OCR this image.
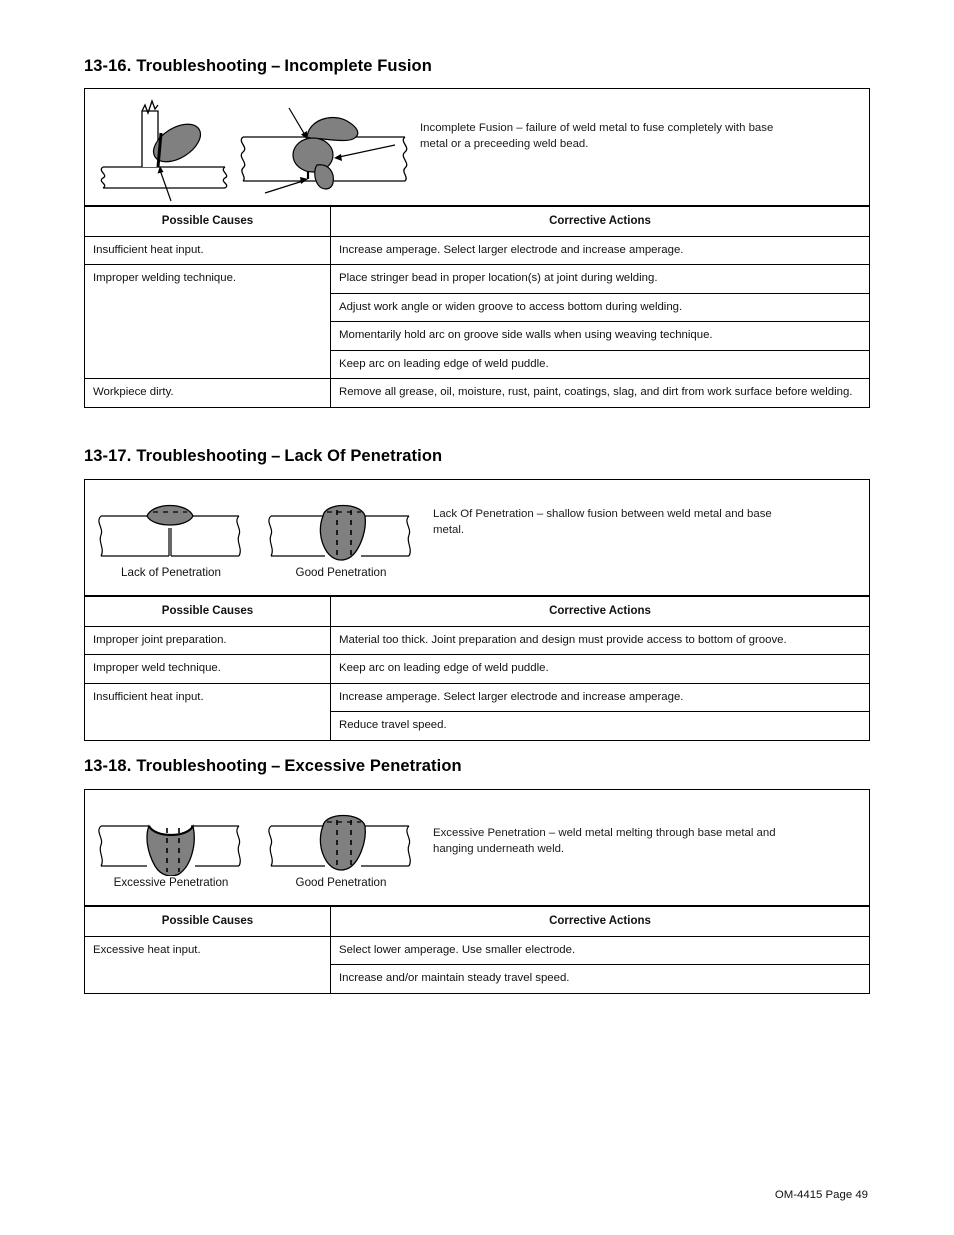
13-16. Troubleshooting – Incomplete Fusion
Incomplete Fusion – failure of weld metal to fuse completely with base metal or a preceeding weld bead.
Possible Causes	Corrective Actions
Insufficient heat input.	Increase amperage. Select larger electrode and increase amperage.
Improper welding technique.	Place stringer bead in proper location(s) at joint during welding.
	Adjust work angle or widen groove to access bottom during welding.
	Momentarily hold arc on groove side walls when using weaving technique.
	Keep arc on leading edge of weld puddle.
Workpiece dirty.	Remove all grease, oil, moisture, rust, paint, coatings, slag, and dirt from work surface before welding.
13-17. Troubleshooting – Lack Of Penetration
Lack of Penetration	Good Penetration
Lack Of Penetration – shallow fusion between weld metal and base metal.
Possible Causes	Corrective Actions
Improper joint preparation.	Material too thick. Joint preparation and design must provide access to bottom of groove.
Improper weld technique.	Keep arc on leading edge of weld puddle.
Insufficient heat input.	Increase amperage. Select larger electrode and increase amperage.
	Reduce travel speed.
13-18. Troubleshooting – Excessive Penetration
Excessive Penetration	Good Penetration
Excessive Penetration – weld metal melting through base metal and hanging underneath weld.
Possible Causes	Corrective Actions
Excessive heat input.	Select lower amperage. Use smaller electrode.
	Increase and/or maintain steady travel speed.
OM-4415 Page 49
